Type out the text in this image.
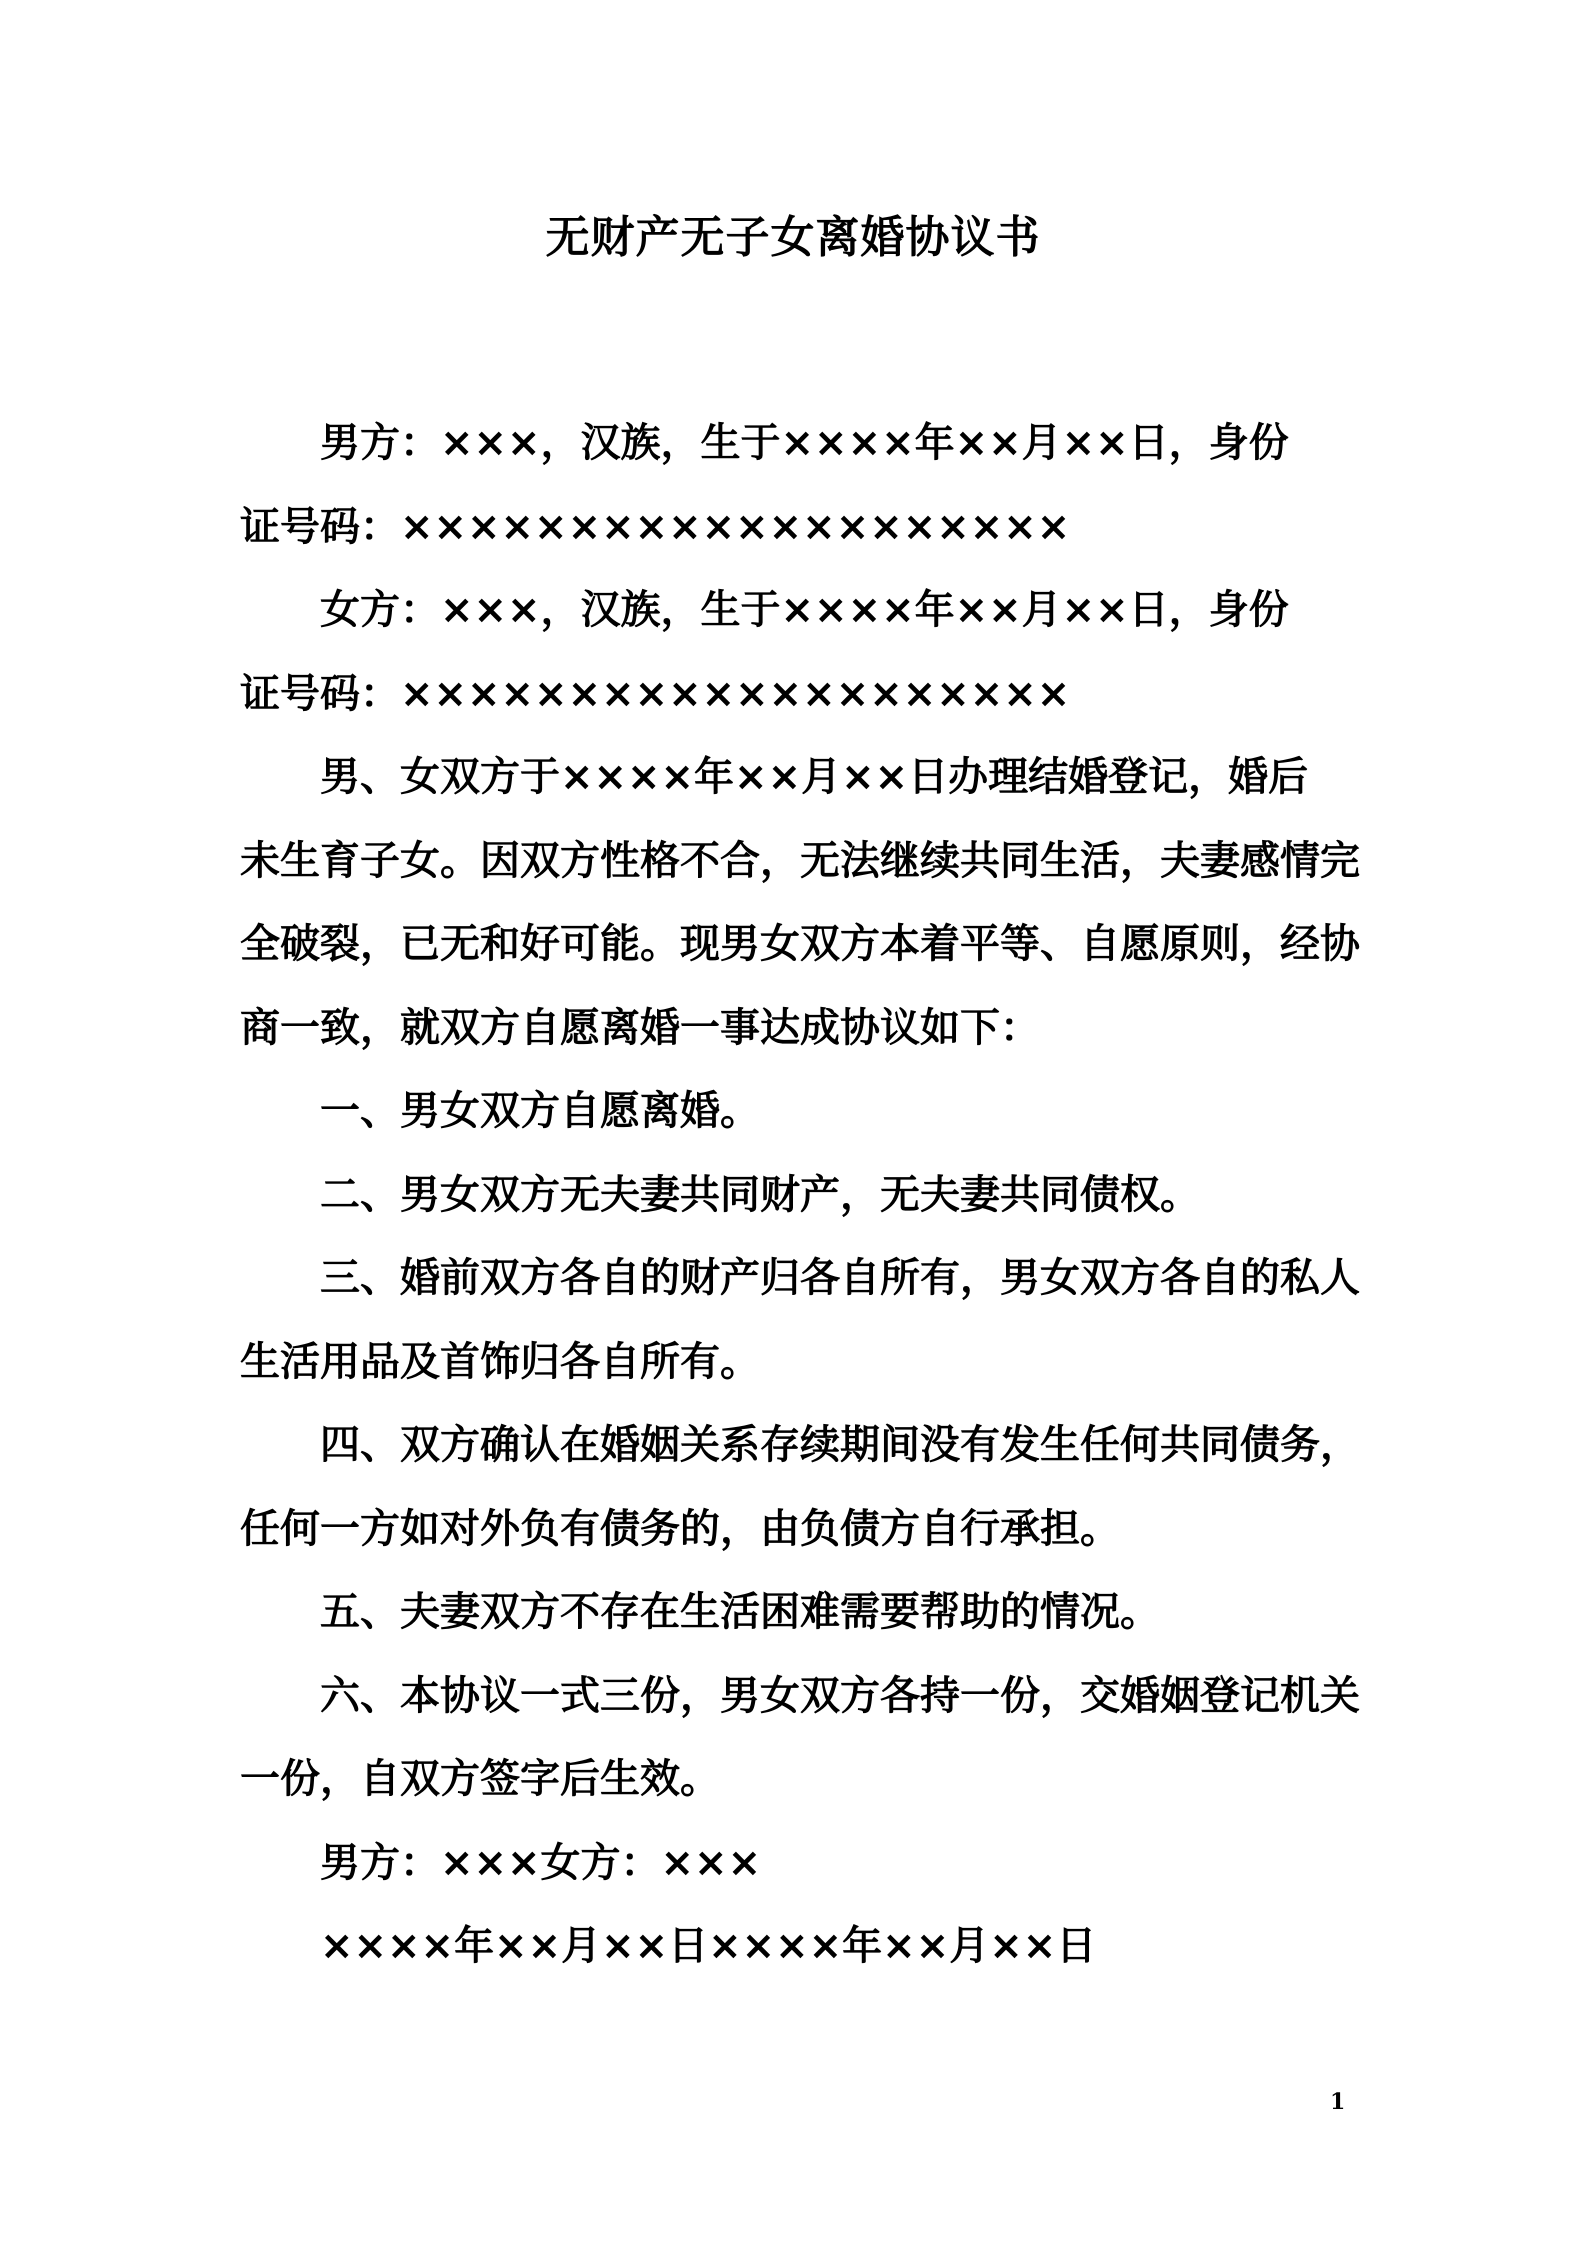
无财产无子女离婚协议书

男方：×××，汉族，生于××××年××月××日，身份
证号码：××××××××××××××××××××

女方：×××，汉族，生于××××年××月××日，身份
证号码：××××××××××××××××××××

男、女双方于××××年××月××日办理结婚登记，婚后
未生育子女。因双方性格不合，无法继续共同生活，夫妻感情完
全破裂，已无和好可能。现男女双方本着平等、自愿原则，经协
商一致，就双方自愿离婚一事达成协议如下：

一、男女双方自愿离婚。

二、男女双方无夫妻共同财产，无夫妻共同债权。

三、婚前双方各自的财产归各自所有，男女双方各自的私人
生活用品及首饰归各自所有。

四、双方确认在婚姻关系存续期间没有发生任何共同债务，
任何一方如对外负有债务的，由负债方自行承担。

五、夫妻双方不存在生活困难需要帮助的情况。

六、本协议一式三份，男女双方各持一份，交婚姻登记机关
一份，自双方签字后生效。

男方：×××女方：×××

××××年××月××日××××年××月××日

1
